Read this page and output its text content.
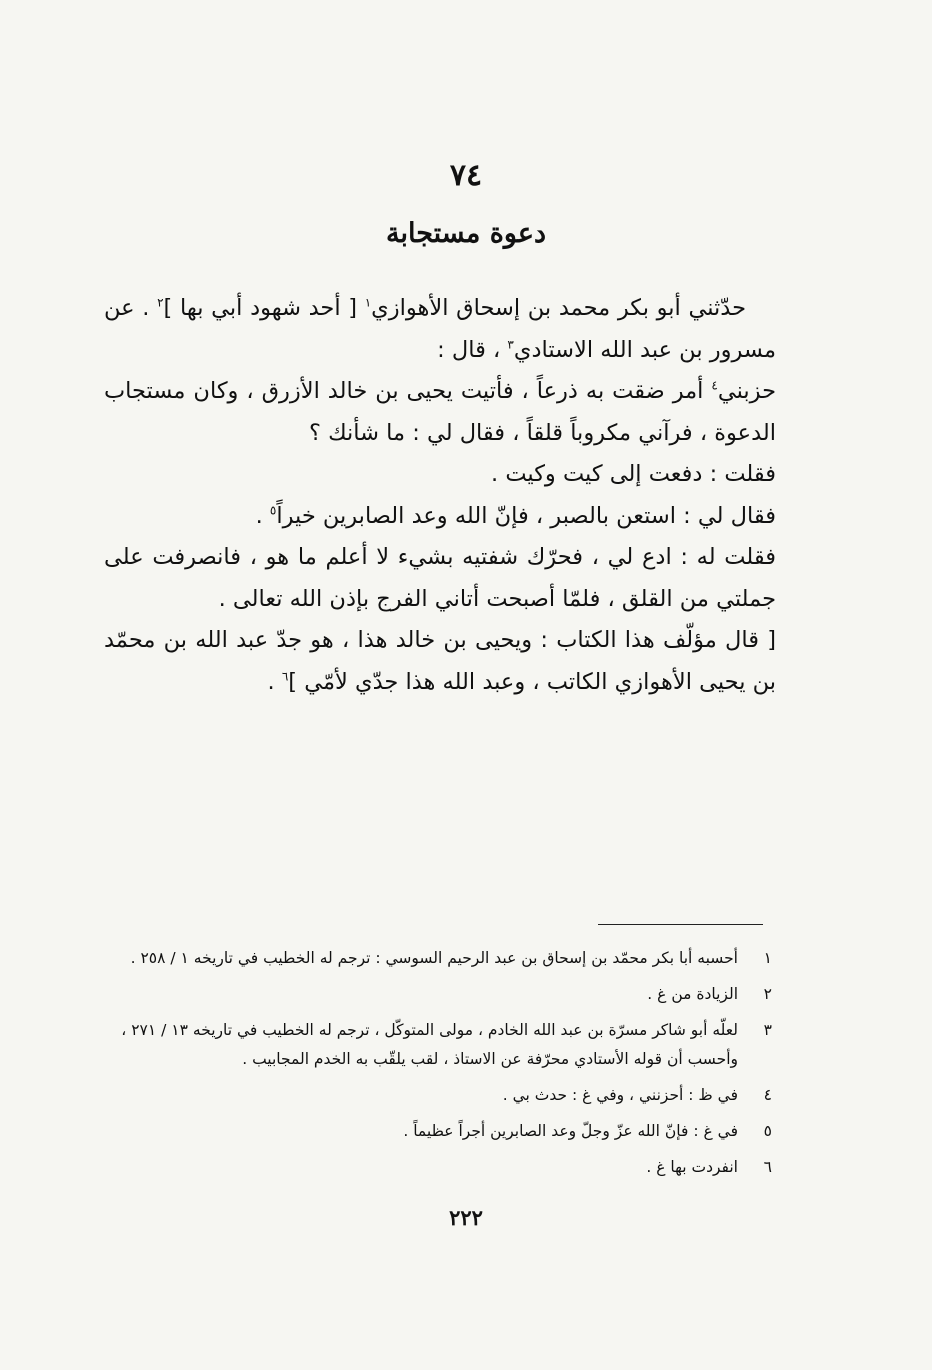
٧٤
دعوة مستجابة

حدّثني أبو بكر محمد بن إسحاق الأهوازي$^١$ [ أحد شهود أبي بها ]$^٢$ . عن مسرور بن عبد الله الاستادي$^٣$ ، قال :

حزبني$^٤$ أمر ضقت به ذرعاً ، فأتيت يحيى بن خالد الأزرق ، وكان مستجاب الدعوة ، فرآني مكروباً قلقاً ، فقال لي : ما شأنك ؟

فقلت : دفعت إلى كيت وكيت .

فقال لي : استعن بالصبر ، فإنّ الله وعد الصابرين خيراً$^٥$ .

فقلت له : ادع لي ، فحرّك شفتيه بشيء لا أعلم ما هو ، فانصرفت على جملتي من القلق ، فلمّا أصبحت أتاني الفرج بإذن الله تعالى .

[ قال مؤلّف هذا الكتاب : ويحيى بن خالد هذا ، هو جدّ عبد الله بن محمّد بن يحيى الأهوازي الكاتب ، وعبد الله هذا جدّي لأمّي ]$^٦$ .

١
أحسبه أبا بكر محمّد بن إسحاق بن عبد الرحيم السوسي : ترجم له الخطيب في تاريخه ١ / ٢٥٨ .
٢
الزيادة من غ .
٣
لعلّه أبو شاكر مسرّة بن عبد الله الخادم ، مولى المتوكّل ، ترجم له الخطيب في تاريخه ١٣ / ٢٧١ ، وأحسب أن قوله الأستادي محرّفة عن الاستاذ ، لقب يلقّب به الخدم المجابيب .
٤
في ظ : أحزنني ، وفي غ : حدث بي .
٥
في غ : فإنّ الله عزّ وجلّ وعد الصابرين أجراً عظيماً .
٦
انفردت بها غ .
٢٢٢
